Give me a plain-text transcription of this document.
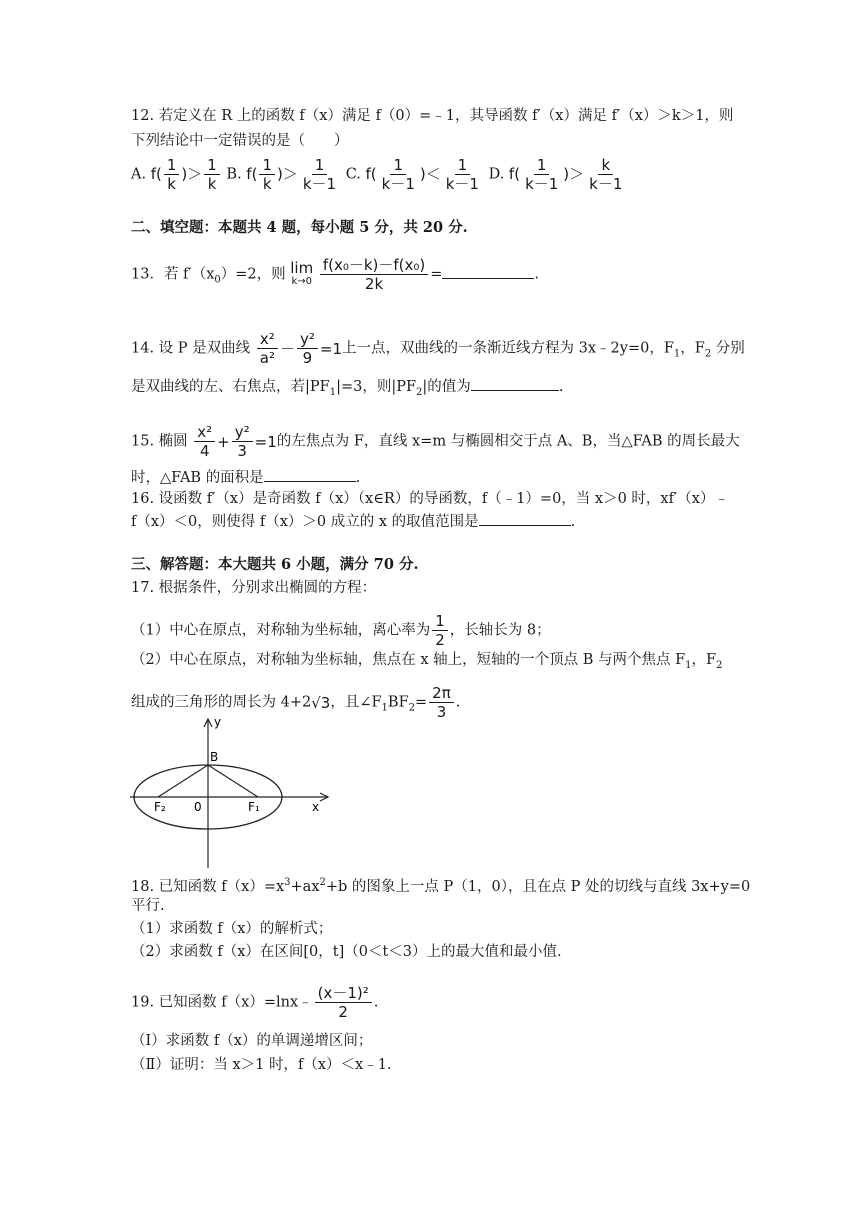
12. 若定义在 R 上的函数 f（x）满足 f（0）=﹣1，其导函数 f′（x）满足 f′（x）＞k＞1，则
下列结论中一定错误的是（　　）
A. $f( \frac{1}{k}$ )＞ $\frac{1}{k} B$. $f( \frac{1}{k}$ )＞ $\frac{1}{k-1} C$. $f( \frac{1}{k-1}$ )＜ $\frac{1}{k-1} D$. $f( \frac{1}{k-1}$ )＞ $\frac{k}{k-1}$
二、填空题：本题共 4 题，每小题 5 分，共 20 分.
13．若 $f'(x_0)=2$，则 lim
k→0
$\frac{\text{f(x₀－k)－f(x₀)}}{2k}$ =	.
14. 设 P 是双曲线 $\frac{\text{x²}}{\text{a²}} - \frac{\text{y²}}{9} =1$上一点，双曲线的一条渐近线方程为 3x﹣2y=0，$F_1$，$F_2$ 分别
是双曲线的左、右焦点，若$|PF_1|=3$，则$|PF_2|$的值为	.
15. 椭圆 $\frac{\text{x²}}{4} + \frac{\text{y²}}{3} =1$的左焦点为 F，直线 x=m 与椭圆相交于点 A、B，当△FAB 的周长最大
时，△FAB 的面积是	.
16. 设函数 f′（x）是奇函数 f（x）（x∈R）的导函数，f（﹣1）=0，当 x＞0 时，xf′（x）﹣
f（x）＜0，则使得 f（x）＞0 成立的 x 的取值范围是	.
三、解答题：本大题共 6 小题，满分 70 分.
17. 根据条件，分别求出椭圆的方程：
（1）中心在原点，对称轴为坐标轴，离心率为 $\frac{1}{2}$ ，长轴长为 8；
（2）中心在原点，对称轴为坐标轴，焦点在 x 轴上，短轴的一个顶点 B 与两个焦点 $F_1$，$F_2$
组成的三角形的周长为 4+2√3，且$\angle F_1BF_2= \frac{2\pi}{3}$ .
y
x
B
0	F₁
F₂
18. 已知函数 $f(x)=x^3+ax^2+b$ 的图象上一点 P（1，0），且在点 P 处的切线与直线 3x+y=0
平行.
（1）求函数 f（x）的解析式；
（2）求函数 f（x）在区间[0，t]（0＜t＜3）上的最大值和最小值.
19. 已知函数 f（x）=lnx﹣ $\frac{\text{(x－1)²}}{2}$ .
（Ⅰ）求函数 f（x）的单调递增区间；
（Ⅱ）证明：当 x＞1 时，f（x）＜x﹣1.
